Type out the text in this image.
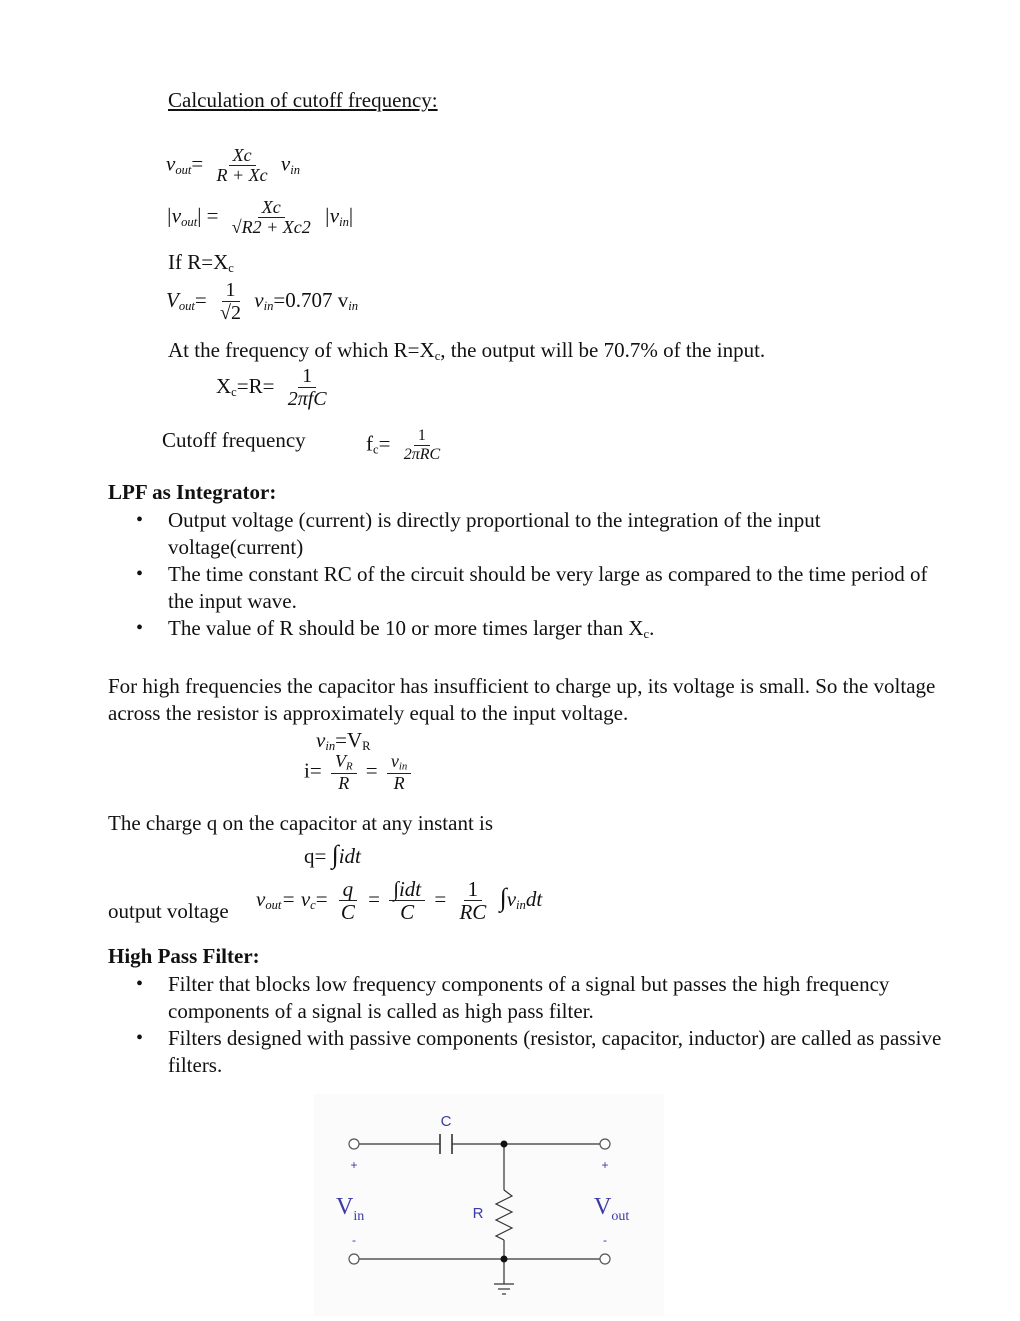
Calculation of cutoff frequency:
$v_{out}= \frac{Xc}{R + Xc} v_{in}$
$|v_{out}| = \frac{Xc}{√R2 + Xc2} |v_{in}|$
If $R=X_c$
$V_{out}= \frac{1}{√2} v_{in}=0.707$ $v_{in}$
At the frequency of which $R=X_c$, the output will be 70.7% of the input.
$X_c=R= \frac{1}{\text{2πfC}}$
Cutoff frequency	$f_c= \frac{1}{\text{2πRC}}$
LPF as Integrator:
• Output voltage (current) is directly proportional to the integration of the input voltage(current)
• The time constant RC of the circuit should be very large as compared to the time period of the input wave.
• The value of R should be 10 or more times larger than $X_c$.
For high frequencies the capacitor has insufficient to charge up, its voltage is small. So the voltage across the resistor is approximately equal to the input voltage.
$v_{in}=V_R$
$i= \frac{V_R}{R} = \frac{v_{in}}{R}$
The charge q on the capacitor at any instant is
q= ∫idt
output voltage
$v_{out}= v_c= \frac{q}{C} = \frac{\text{∫idt}}{C} = \frac{1}{RC} \int v_{in}dt$
High Pass Filter:
• Filter that blocks low frequency components of a signal but passes the high frequency components of a signal is called as high pass filter.
• Filters designed with passive components (resistor, capacitor, inductor) are called as passive filters.
C
R
+	+
-	-
$V_{in}$	$V_{out}$
